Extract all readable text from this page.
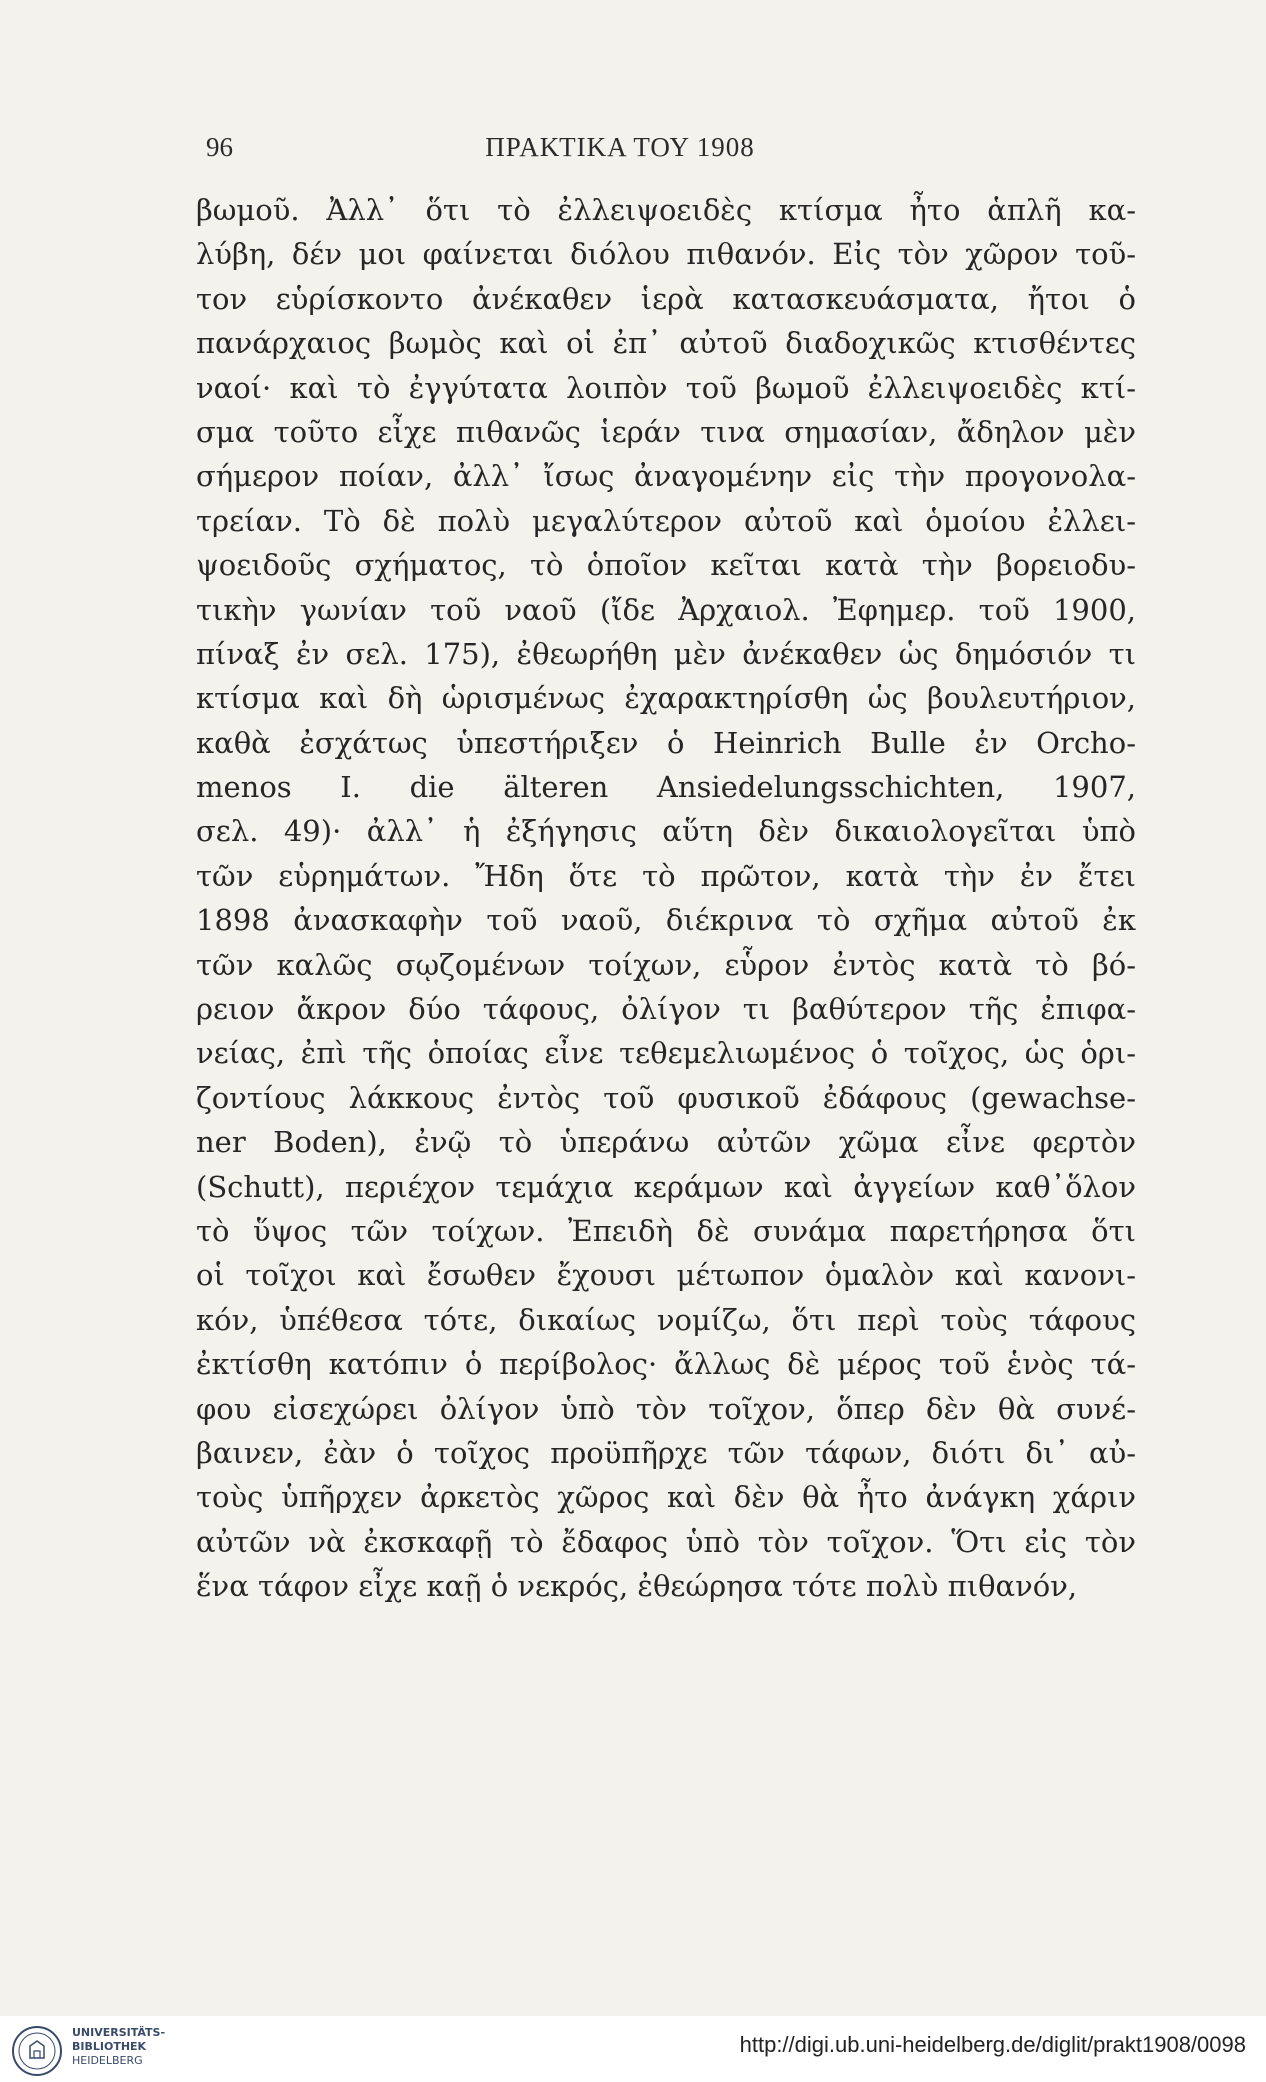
96	ΠΡΑΚΤΙΚΑ ΤΟΥ 1908
βωμοῦ. Ἀλλ᾽ ὅτι τὸ ἐλλειψοειδὲς κτίσμα ἦτο ἁπλῆ κα-
λύβη, δέν μοι φαίνεται διόλου πιθανόν. Εἰς τὸν χῶρον τοῦ-
τον εὑρίσκοντο ἀνέκαθεν ἱερὰ κατασκευάσματα, ἤτοι ὁ
πανάρχαιος βωμὸς καὶ οἱ ἐπ᾽ αὐτοῦ διαδοχικῶς κτισθέντες
ναοί· καὶ τὸ ἐγγύτατα λοιπὸν τοῦ βωμοῦ ἐλλειψοειδὲς κτί-
σμα τοῦτο εἶχε πιθανῶς ἱεράν τινα σημασίαν, ἄδηλον μὲν
σήμερον ποίαν, ἀλλ᾽ ἴσως ἀναγομένην εἰς τὴν προγονολα-
τρείαν. Τὸ δὲ πολὺ μεγαλύτερον αὐτοῦ καὶ ὁμοίου ἐλλει-
ψοειδοῦς σχήματος, τὸ ὁποῖον κεῖται κατὰ τὴν βορειοδυ-
τικὴν γωνίαν τοῦ ναοῦ (ἴδε Ἀρχαιολ. Ἐφημερ. τοῦ 1900,
πίναξ ἐν σελ. 175), ἐθεωρήθη μὲν ἀνέκαθεν ὡς δημόσιόν τι
κτίσμα καὶ δὴ ὡρισμένως ἐχαρακτηρίσθη ὡς βουλευτήριον,
καθὰ ἐσχάτως ὑπεστήριξεν ὁ Heinrich Bulle ἐν Orcho-
menos I. die älteren Ansiedelungsschichten, 1907,
σελ. 49)· ἀλλ᾽ ἡ ἐξήγησις αὕτη δὲν δικαιολογεῖται ὑπὸ
τῶν εὑρημάτων. Ἤδη ὅτε τὸ πρῶτον, κατὰ τὴν ἐν ἔτει
1898 ἀνασκαφὴν τοῦ ναοῦ, διέκρινα τὸ σχῆμα αὐτοῦ ἐκ
τῶν καλῶς σῳζομένων τοίχων, εὗρον ἐντὸς κατὰ τὸ βό-
ρειον ἄκρον δύο τάφους, ὀλίγον τι βαθύτερον τῆς ἐπιφα-
νείας, ἐπὶ τῆς ὁποίας εἶνε τεθεμελιωμένος ὁ τοῖχος, ὡς ὁρι-
ζοντίους λάκκους ἐντὸς τοῦ φυσικοῦ ἐδάφους (gewachse-
ner Boden), ἐνῷ τὸ ὑπεράνω αὐτῶν χῶμα εἶνε φερτὸν
(Schutt), περιέχον τεμάχια κεράμων καὶ ἀγγείων καθ᾽ὅλον
τὸ ὕψος τῶν τοίχων. Ἐπειδὴ δὲ συνάμα παρετήρησα ὅτι
οἱ τοῖχοι καὶ ἔσωθεν ἔχουσι μέτωπον ὁμαλὸν καὶ κανονι-
κόν, ὑπέθεσα τότε, δικαίως νομίζω, ὅτι περὶ τοὺς τάφους
ἐκτίσθη κατόπιν ὁ περίβολος· ἄλλως δὲ μέρος τοῦ ἑνὸς τά-
φου εἰσεχώρει ὀλίγον ὑπὸ τὸν τοῖχον, ὅπερ δὲν θὰ συνέ-
βαινεν, ἐὰν ὁ τοῖχος προϋπῆρχε τῶν τάφων, διότι δι᾽ αὐ-
τοὺς ὑπῆρχεν ἀρκετὸς χῶρος καὶ δὲν θὰ ἦτο ἀνάγκη χάριν
αὐτῶν νὰ ἐκσκαφῇ τὸ ἔδαφος ὑπὸ τὸν τοῖχον. Ὅτι εἰς τὸν
ἕνα τάφον εἶχε καῇ ὁ νεκρός, ἐθεώρησα τότε πολὺ πιθανόν,
UNIVERSITÄTS-
BIBLIOTHEK
HEIDELBERG
http://digi.ub.uni-heidelberg.de/diglit/prakt1908/0098
